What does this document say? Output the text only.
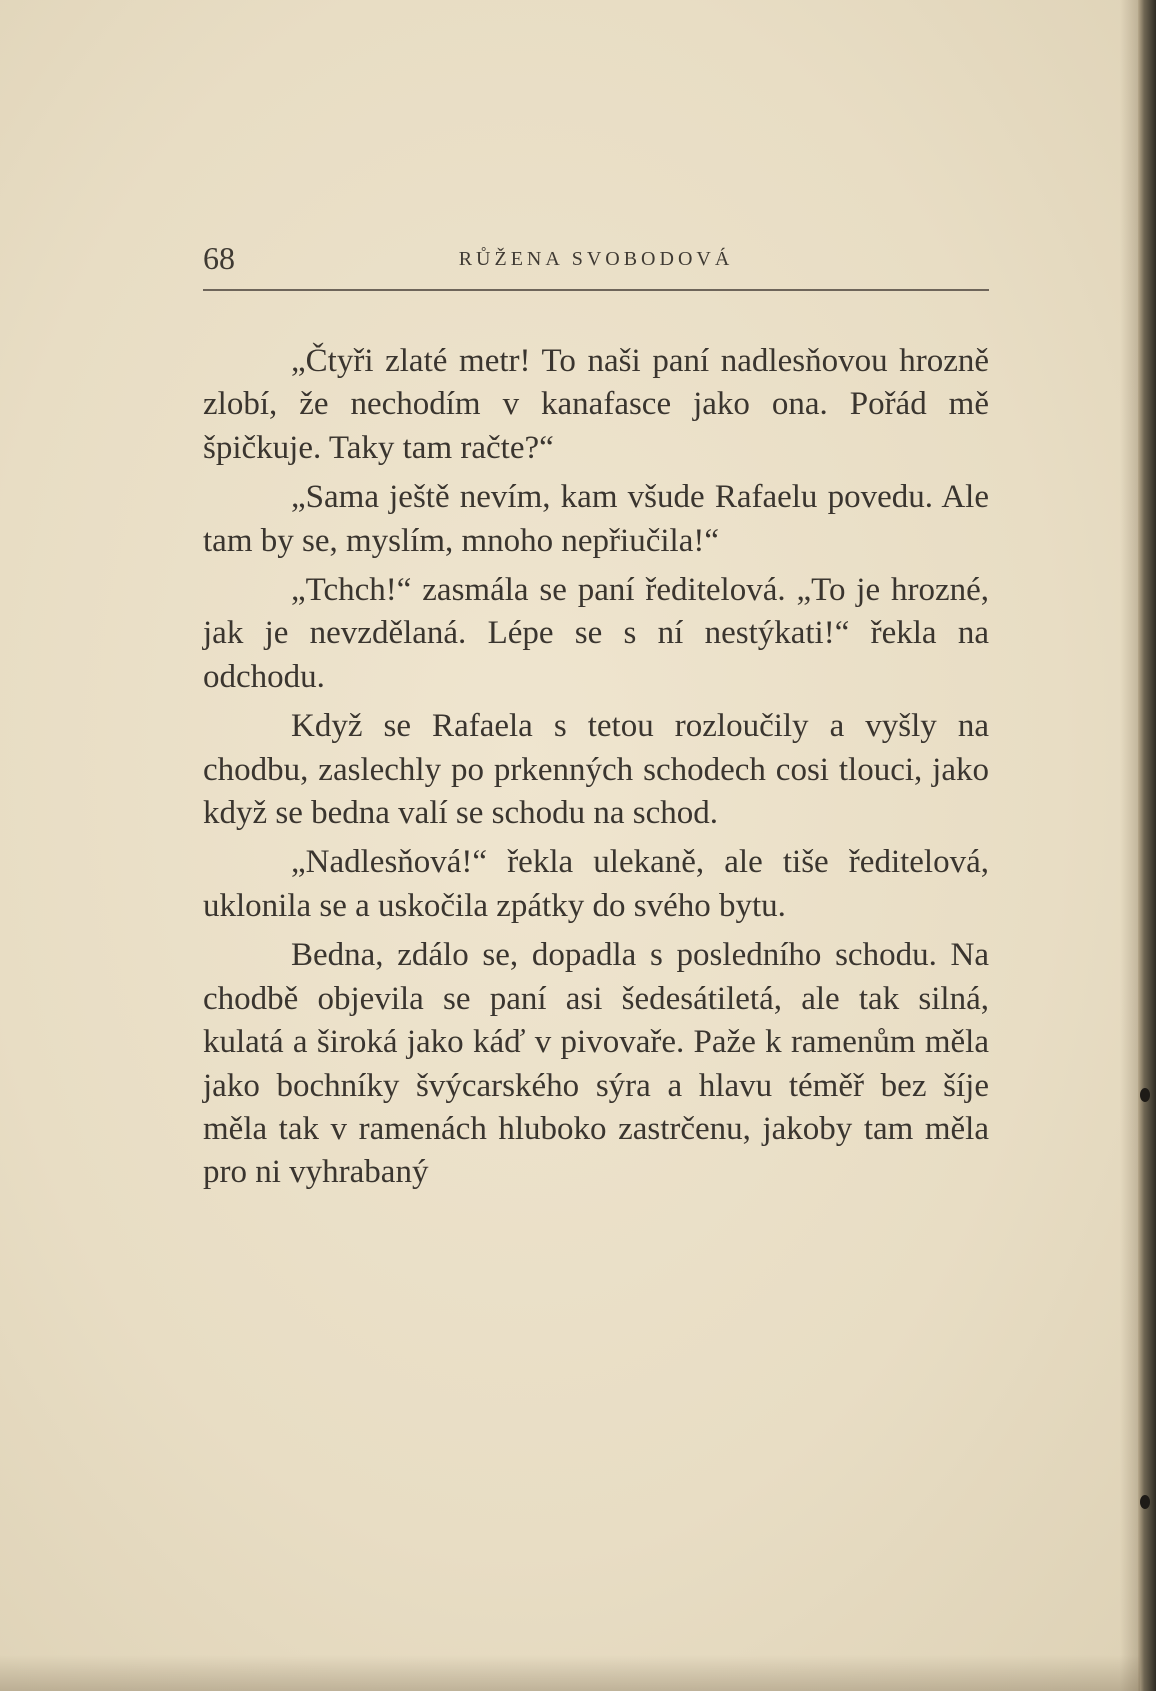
68	RŮŽENA SVOBODOVÁ

„Čtyři zlaté metr! To naši paní nadlesňovou hrozně zlobí, že nechodím v kanafasce jako ona. Pořád mě špičkuje. Taky tam račte?“

„Sama ještě nevím, kam všude Rafaelu povedu. Ale tam by se, myslím, mnoho nepřiučila!“

„Tchch!“ zasmála se paní ředitelová. „To je hrozné, jak je nevzdělaná. Lépe se s ní nestýkati!“ řekla na odchodu.

Když se Rafaela s tetou rozloučily a vyšly na chodbu, zaslechly po prkenných schodech cosi tlouci, jako když se bedna valí se schodu na schod.

„Nadlesňová!“ řekla ulekaně, ale tiše ředitelová, uklonila se a uskočila zpátky do svého bytu.

Bedna, zdálo se, dopadla s posledního schodu. Na chodbě objevila se paní asi šedesátiletá, ale tak silná, kulatá a široká jako káď v pivovaře. Paže k ramenům měla jako bochníky švýcarského sýra a hlavu téměř bez šíje měla tak v ramenách hluboko zastrčenu, jakoby tam měla pro ni vyhrabaný
